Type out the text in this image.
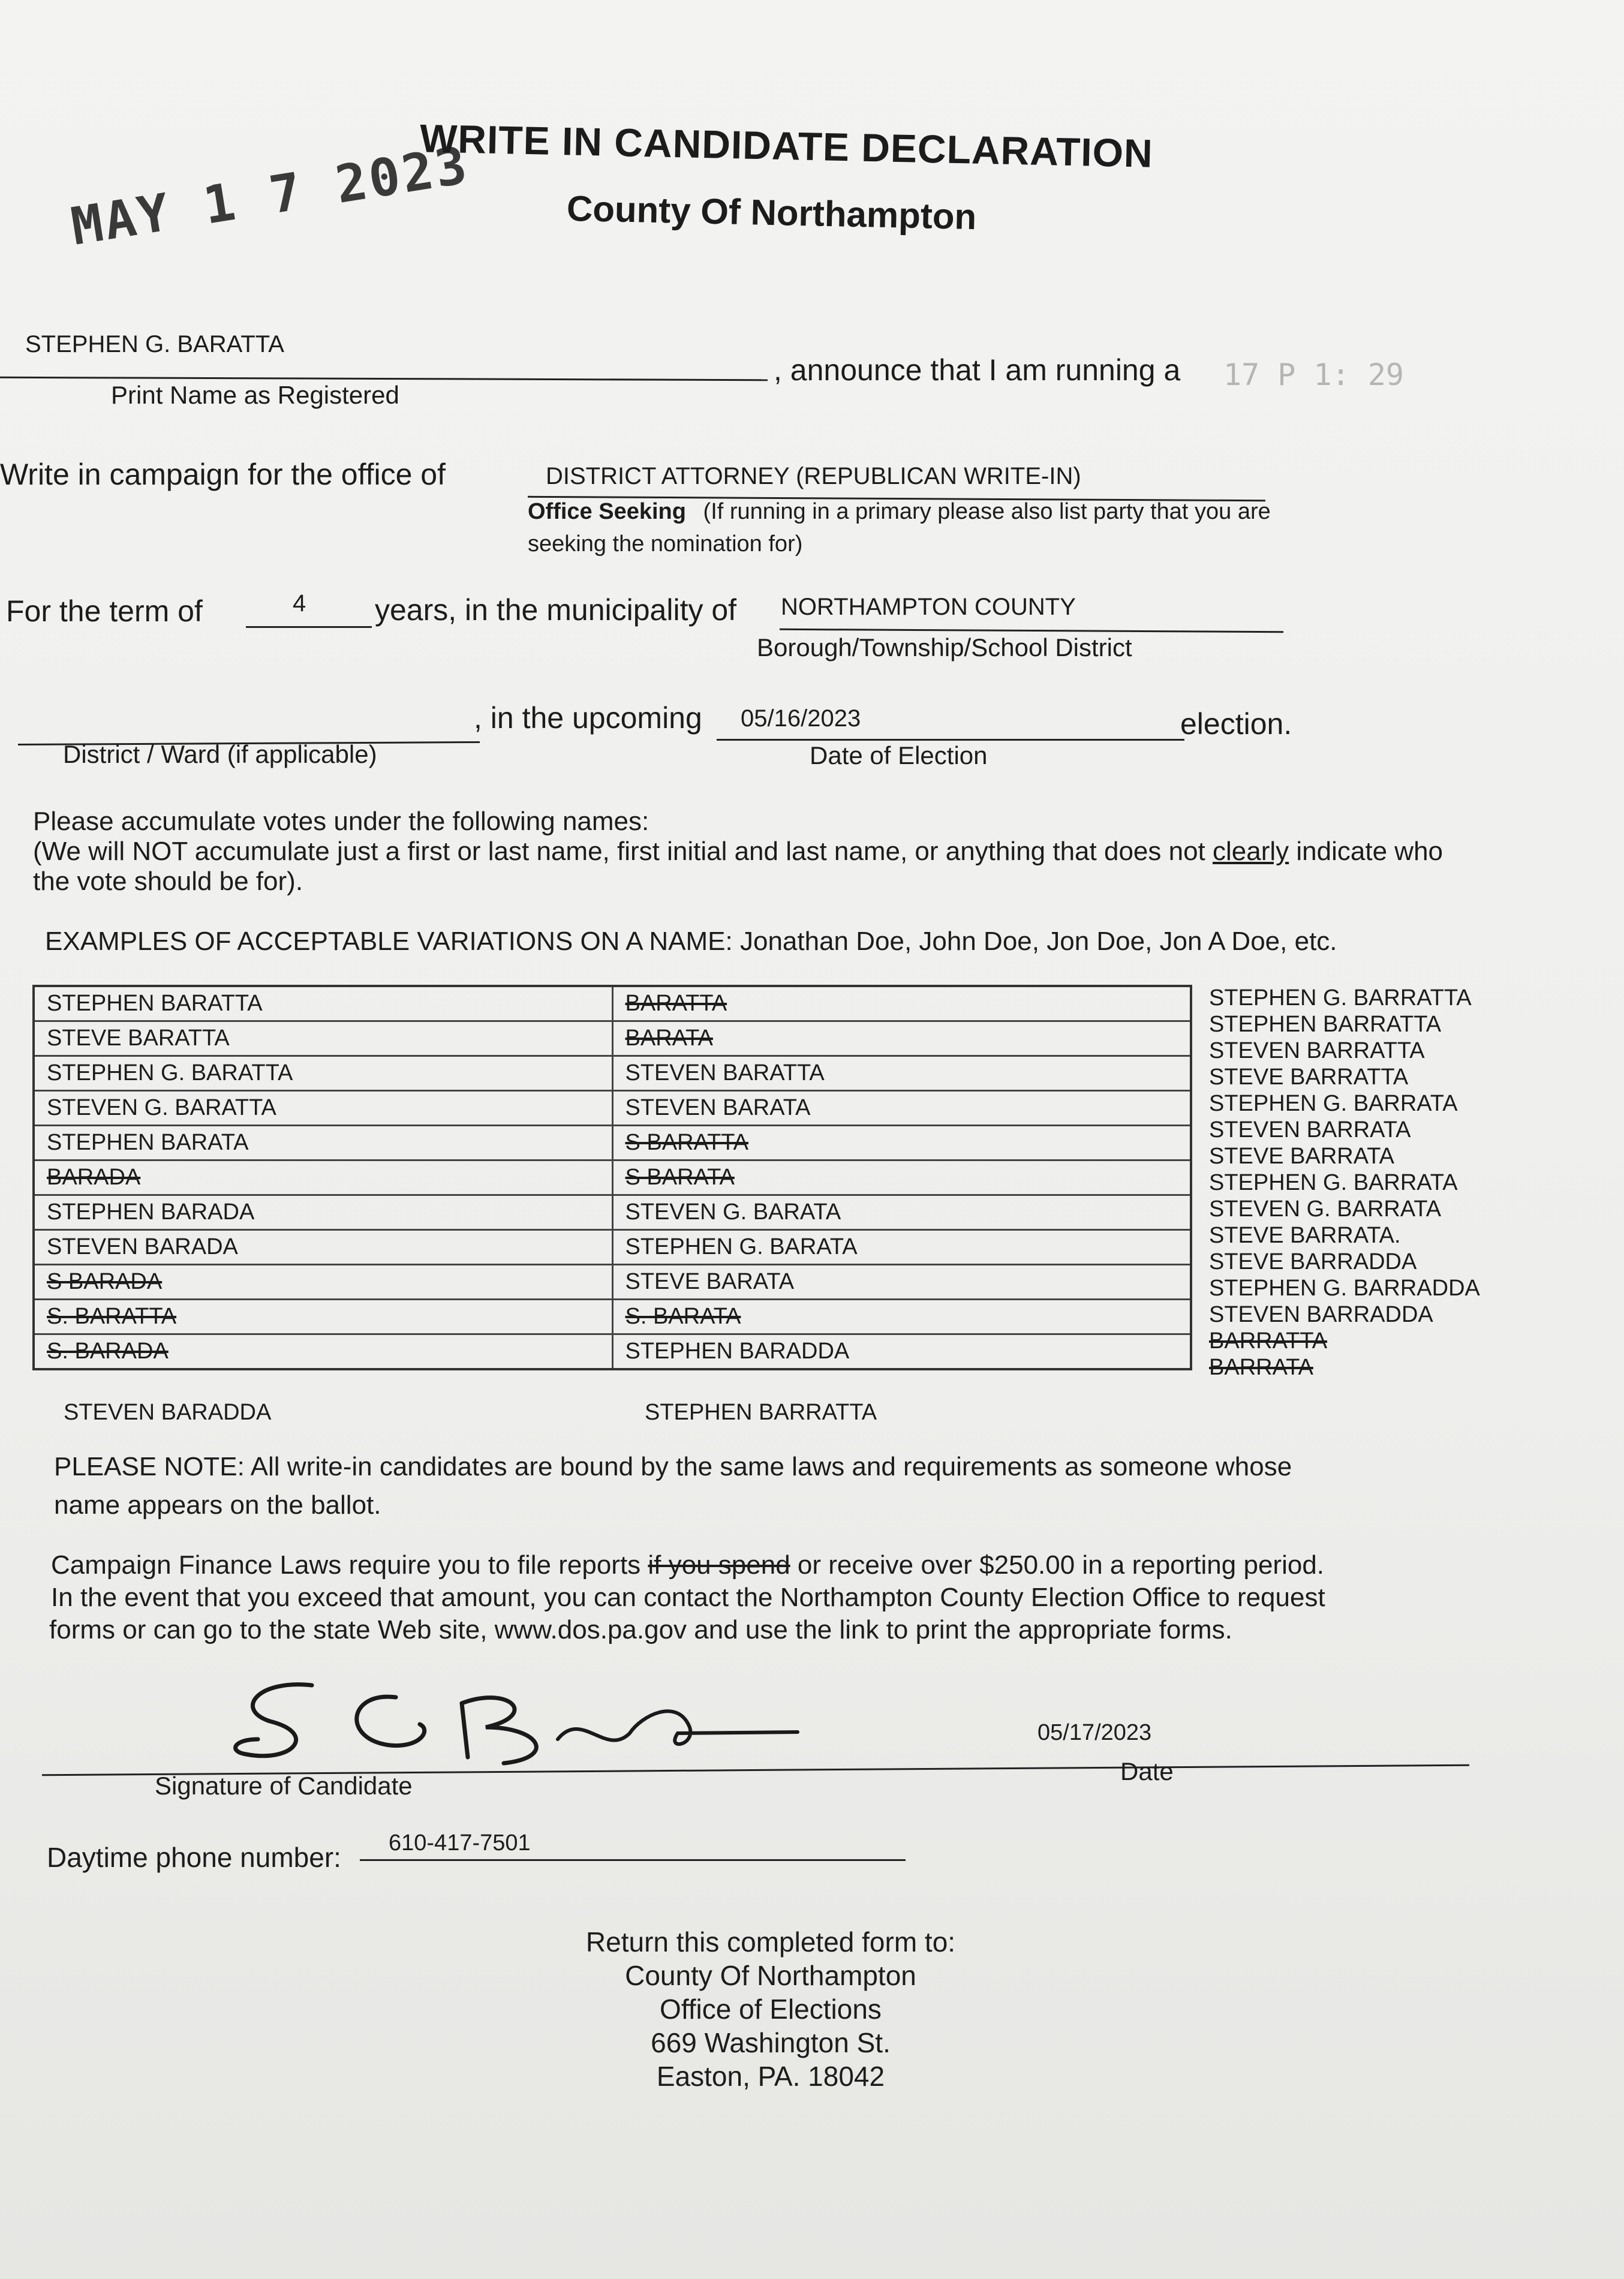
MAY 1 7 2023
WRITE IN CANDIDATE DECLARATION
County Of Northampton
STEPHEN G. BARATTA
, announce that I am running a 17 P 1: 29
Print Name as Registered
Write in campaign for the office of	DISTRICT ATTORNEY (REPUBLICAN WRITE-IN)
Office Seeking (If running in a primary please also list party that you are
seeking the nomination for)
For the term of	4 years, in the municipality of NORTHAMPTON COUNTY
Borough/Township/School District
, in the upcoming 05/16/2023	election.
District / Ward (if applicable)	Date of Election
Please accumulate votes under the following names:
(We will NOT accumulate just a first or last name, first initial and last name, or anything that does not clearly indicate who
the vote should be for).
EXAMPLES OF ACCEPTABLE VARIATIONS ON A NAME: Jonathan Doe, John Doe, Jon Doe, Jon A Doe, etc.
STEPHEN BARATTA	BARATTA
STEVE BARATTA	BARATA
STEPHEN G. BARATTA	STEVEN BARATTA
STEVEN G. BARATTA	STEVEN BARATA
STEPHEN BARATA	S BARATTA
BARADA	S BARATA
STEPHEN BARADA	STEVEN G. BARATA
STEVEN BARADA	STEPHEN G. BARATA
S BARADA	STEVE BARATA
S. BARATTA	S. BARATA
S. BARADA	STEPHEN BARADDA
STEVEN BARADDA	STEPHEN BARRATTA
STEPHEN G. BARRATTA
STEPHEN BARRATTA
STEVEN BARRATTA
STEVE BARRATTA
STEPHEN G. BARRATA
STEVEN BARRATA
STEVE BARRATA
STEPHEN G. BARRATA
STEVEN G. BARRATA
STEVE BARRATA.
STEVE BARRADDA
STEPHEN G. BARRADDA
STEVEN BARRADDA
BARRATTA
BARRATA
PLEASE NOTE: All write-in candidates are bound by the same laws and requirements as someone whose
name appears on the ballot.
Campaign Finance Laws require you to file reports if you spend or receive over $250.00 in a reporting period.
In the event that you exceed that amount, you can contact the Northampton County Election Office to request
forms or can go to the state Web site, www.dos.pa.gov and use the link to print the appropriate forms.
05/17/2023
Signature of Candidate
Date
Daytime phone number: 610-417-7501
Return this completed form to:
County Of Northampton
Office of Elections
669 Washington St.
Easton, PA. 18042
